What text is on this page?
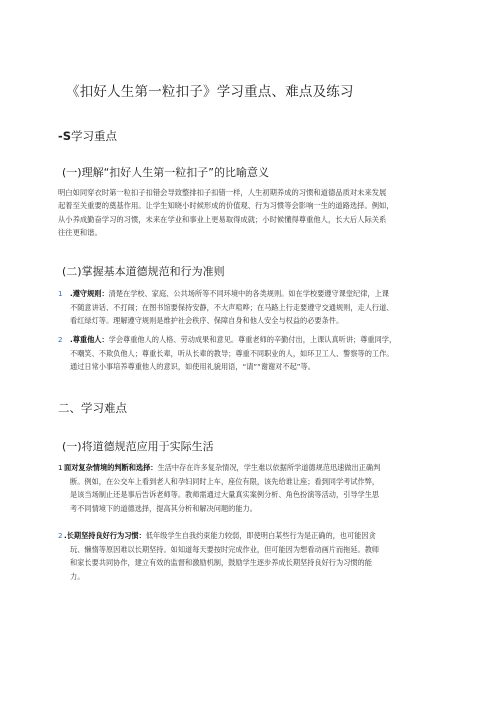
《扣好人生第一粒扣子》学习重点、难点及练习
-S学习重点
(一)理解“扣好人生第一粒扣子”的比喻意义
明白如同穿衣时第一粒扣子扣错会导致整排扣子扣错一样，人生初期养成的习惯和道德品质对未来发展
起着至关重要的奠基作用。让学生知晓小时候形成的价值观、行为习惯等会影响一生的道路选择。例如，
从小养成勤奋学习的习惯，未来在学业和事业上更易取得成就；小时候懂得尊重他人，长大后人际关系
往往更和谐。
(二)掌握基本道德规范和行为准则
1 .遵守规则：清楚在学校、家庭、公共场所等不同环境中的各类规则。如在学校要遵守课堂纪律，上课
不随意讲话、不打闹；在图书馆要保持安静，不大声喧哗；在马路上行走要遵守交通规则，走人行道、
看红绿灯等。理解遵守规则是维护社会秩序、保障自身和他人安全与权益的必要条件。
2 .尊重他人：学会尊重他人的人格、劳动成果和意见。尊重老师的辛勤付出，上课认真听讲；尊重同学，
不嘲笑、不欺负他人；尊重长辈，听从长辈的教导；尊重不同职业的人，如环卫工人、警察等的工作。
通过日常小事培养尊重他人的意识，如使用礼貌用语，“请”“谢谢对不起”等。
二、学习难点
(一)将道德规范应用于实际生活
1面对复杂情境的判断和选择：生活中存在许多复杂情况，学生难以依据所学道德规范迅速做出正确判
断。例如，在公交车上看到老人和孕妇同时上车，座位有限，该先给谁让座；看到同学考试作弊，
是该当场制止还是事后告诉老师等。教师需通过大量真实案例分析、角色扮演等活动，引导学生思
考不同情境下的道德选择，提高其分析和解决问题的能力。
2.长期坚持良好行为习惯：低年级学生自我约束能力较弱，即使明白某些行为是正确的，也可能因贪
玩、懒惰等原因难以长期坚持。如知道每天要按时完成作业，但可能因为想看动画片而拖延。教师
和家长要共同协作，建立有效的监督和激励机制，鼓励学生逐步养成长期坚持良好行为习惯的能
力。
